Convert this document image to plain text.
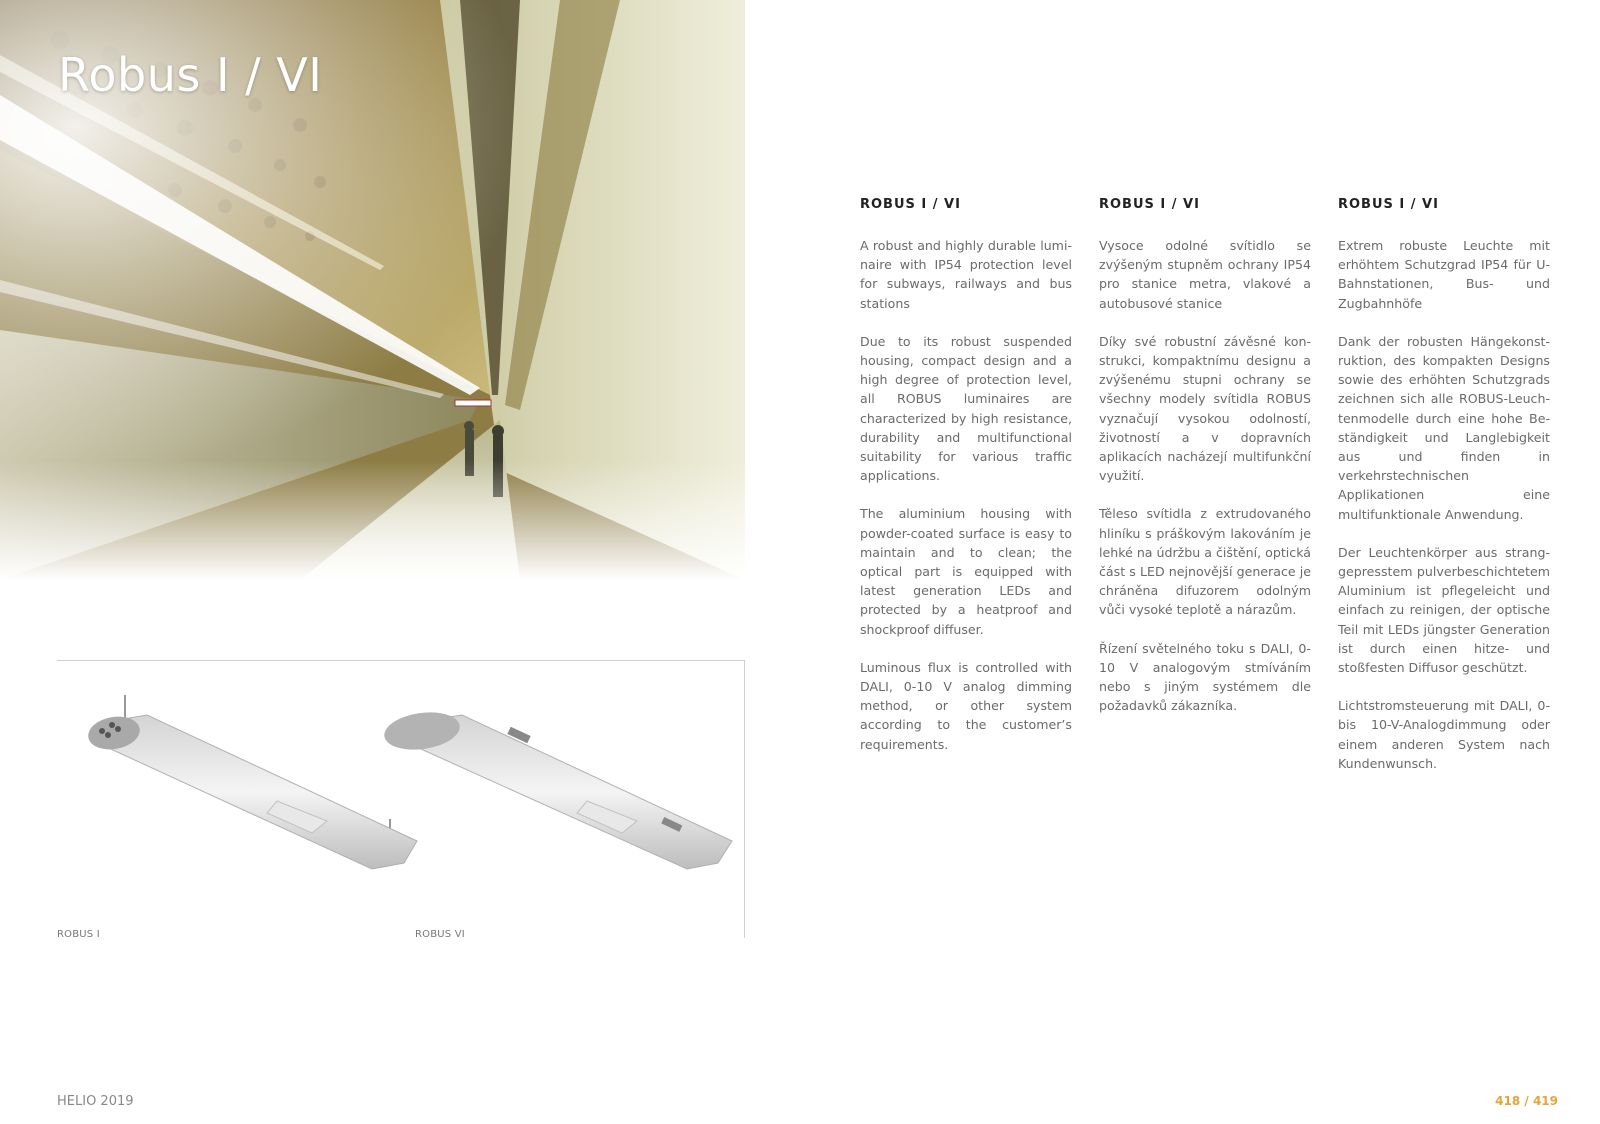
Robus I / VI
ROBUS I	ROBUS VI
ROBUS I / VI

A robust and highly durable luminaire with IP54 protection level for subways, railways and bus stations

Due to its robust suspended housing, compact design and a high degree of protection level, all ROBUS luminaires are characterized by high resistance, durability and multifunctional suitability for various traffic applications.

The aluminium housing with powder-coated surface is easy to maintain and to clean; the optical part is equipped with latest generation LEDs and protected by a heatproof and shockproof diffuser.

Luminous flux is controlled with DALI, 0-10 V analog dimming method, or other system according to the customer’s requirements.

ROBUS I / VI

Vysoce odolné svítidlo se zvýšeným stupněm ochrany IP54 pro stanice metra, vlakové a autobusové stanice

Díky své robustní závěsné konstrukci, kompaktnímu designu a zvýšenému stupni ochrany se všechny modely svítidla ROBUS vyznačují vysokou odolností, životností a v dopravních aplikacích nacházejí multifunkční využití.

Těleso svítidla z extrudovaného hliníku s práškovým lakováním je lehké na údržbu a čištění, optická část s LED nejnovější generace je chráněna difuzorem odolným vůči vysoké teplotě a nárazům.

Řízení světelného toku s DALI, 0-10 V analogovým stmíváním nebo s jiným systémem dle požadavků zákazníka.

ROBUS I / VI

Extrem robuste Leuchte mit erhöhtem Schutzgrad IP54 für U-Bahnstationen, Bus- und Zugbahnhöfe

Dank der robusten Hängekonstruktion, des kompakten Designs sowie des erhöhten Schutzgrads zeichnen sich alle ROBUS-Leuchtenmodelle durch eine hohe Beständigkeit und Langlebigkeit aus und finden in verkehrstechnischen Applikationen eine multifunktionale Anwendung.

Der Leuchtenkörper aus stranggepresstem pulverbeschichtetem Aluminium ist pflegeleicht und einfach zu reinigen, der optische Teil mit LEDs jüngster Generation ist durch einen hitze- und stoßfesten Diffusor geschützt.

Lichtstromsteuerung mit DALI, 0- bis 10-V-Analogdimmung oder einem anderen System nach Kundenwunsch.

HELIO 2019	418 / 419
